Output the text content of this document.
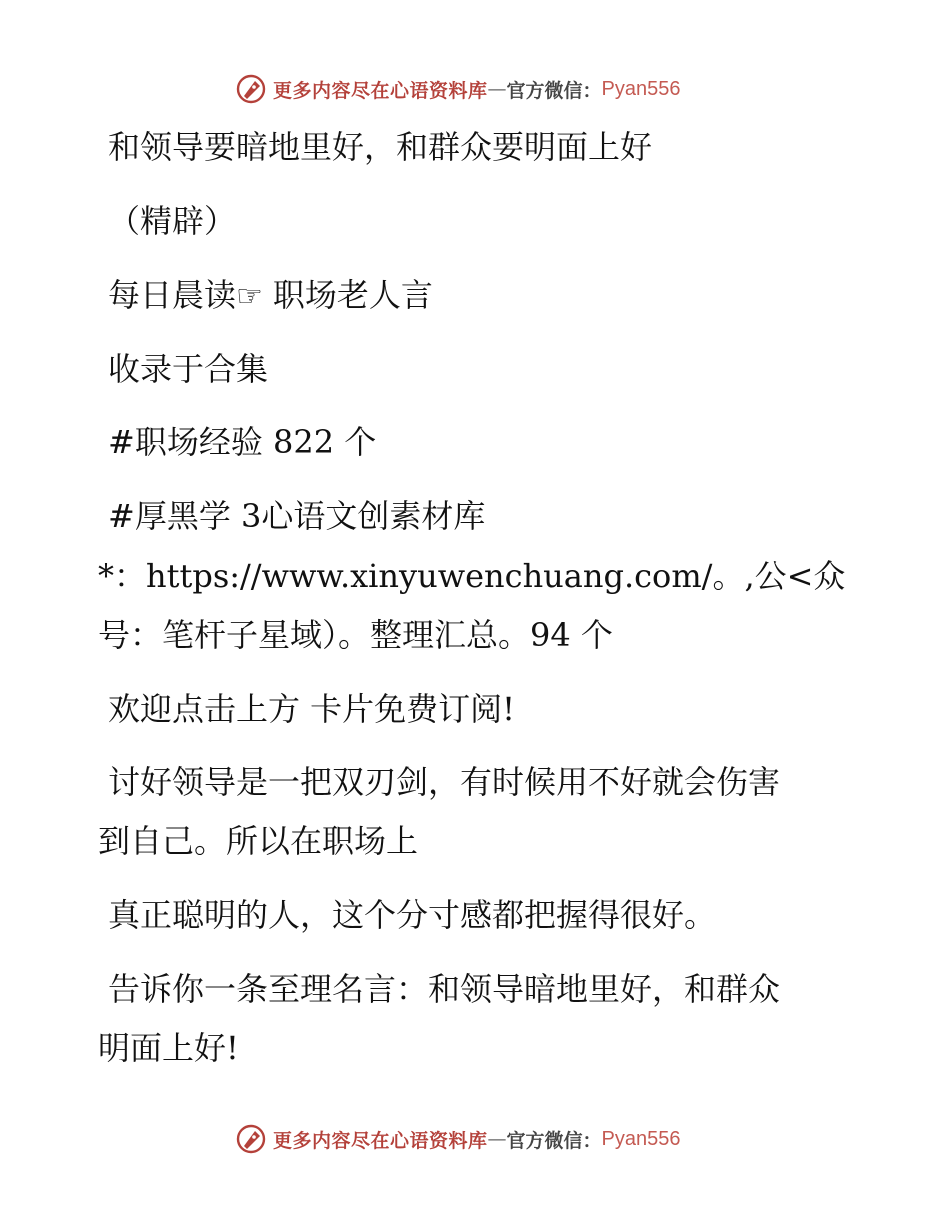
更多内容尽在心语资料库 — 官方微信： Pyan556
和领导要暗地里好，和群众要明面上好
（精辟）
每日晨读☞ 职场老人言
收录于合集
#职场经验 822 个
#厚黑学 3心语文创素材库
*：https://www.xinyuwenchuang.com/。,公<众
号：笔杆子星域）。整理汇总。94 个
欢迎点击上方 卡片免费订阅!
讨好领导是一把双刃剑，有时候用不好就会伤害
到自己。所以在职场上
真正聪明的人，这个分寸感都把握得很好。
告诉你一条至理名言：和领导暗地里好，和群众
明面上好!
更多内容尽在心语资料库 — 官方微信： Pyan556
